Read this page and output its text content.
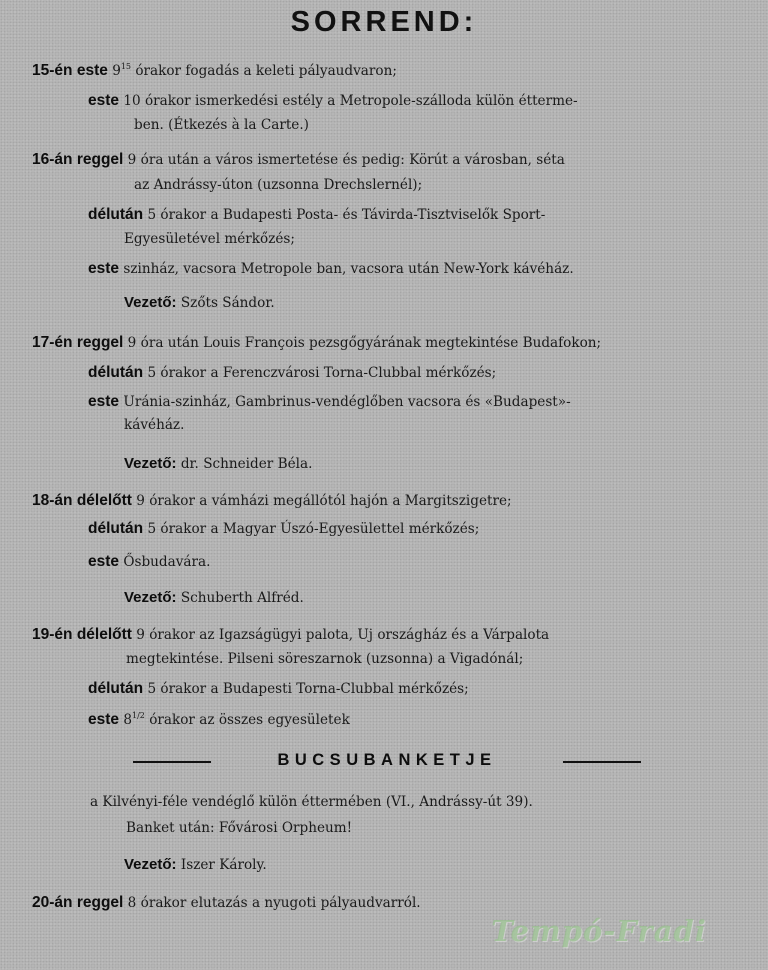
SORREND:
15-én este $9^{15}$ órakor fogadás a keleti pályaudvaron;
este 10 órakor ismerkedési estély a Metropole-szálloda külön étterme-
ben. (Étkezés à la Carte.)
16-án reggel 9 óra után a város ismertetése és pedig: Körút a városban, séta
az Andrássy-úton (uzsonna Drechslernél);
délután 5 órakor a Budapesti Posta- és Távirda-Tisztviselők Sport-
Egyesületével mérkőzés;
este szinház, vacsora Metropole ban, vacsora után New-York kávéház.
Vezető: Szőts Sándor.
17-én reggel 9 óra után Louis François pezsgőgyárának megtekintése Budafokon;
délután 5 órakor a Ferenczvárosi Torna-Clubbal mérkőzés;
este Uránia-szinház, Gambrinus-vendéglőben vacsora és «Budapest»-
kávéház.
Vezető: dr. Schneider Béla.
18-án délelőtt 9 órakor a vámházi megállótól hajón a Margitszigetre;
délután 5 órakor a Magyar Úszó-Egyesülettel mérkőzés;
este Ősbudavára.
Vezető: Schuberth Alfréd.
19-én délelőtt 9 órakor az Igazságügyi palota, Uj országház és a Várpalota
megtekintése. Pilseni söreszarnok (uzsonna) a Vigadónál;
délután 5 órakor a Budapesti Torna-Clubbal mérkőzés;
este $8^{1/2}$ órakor az összes egyesületek
BUCSUBANKETJE
a Kilvényi-féle vendéglő külön éttermében (VI., Andrássy-út 39).
Banket után: Fővárosi Orpheum!
Vezető: Iszer Károly.
20-án reggel 8 órakor elutazás a nyugoti pályaudvarról.
Tempó-Fradi
